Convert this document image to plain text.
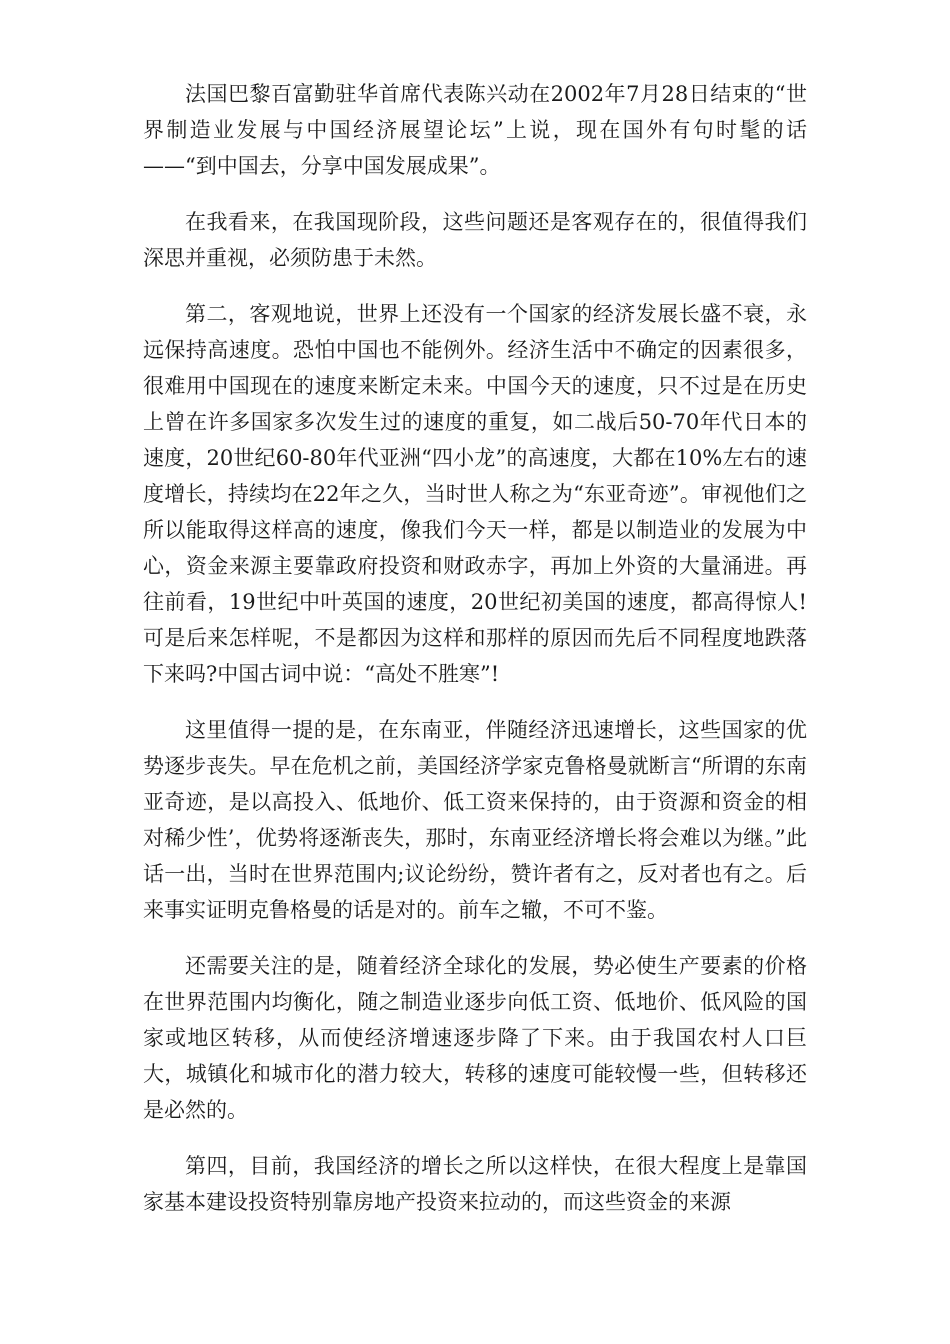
法国巴黎百富勤驻华首席代表陈兴动在2002年7月28日结束的“世界制造业发展与中国经济展望论坛”上说，现在国外有句时髦的话——“到中国去，分享中国发展成果”。

在我看来，在我国现阶段，这些问题还是客观存在的，很值得我们深思并重视，必须防患于未然。

第二，客观地说，世界上还没有一个国家的经济发展长盛不衰，永远保持高速度。恐怕中国也不能例外。经济生活中不确定的因素很多，很难用中国现在的速度来断定未来。中国今天的速度，只不过是在历史上曾在许多国家多次发生过的速度的重复，如二战后50-70年代日本的速度，20世纪60-80年代亚洲“四小龙”的高速度，大都在10%左右的速度增长，持续均在22年之久，当时世人称之为“东亚奇迹”。审视他们之所以能取得这样高的速度，像我们今天一样，都是以制造业的发展为中心，资金来源主要靠政府投资和财政赤字，再加上外资的大量涌进。再往前看，19世纪中叶英国的速度，20世纪初美国的速度，都高得惊人!可是后来怎样呢，不是都因为这样和那样的原因而先后不同程度地跌落下来吗?中国古词中说：“高处不胜寒”!

这里值得一提的是，在东南亚，伴随经济迅速增长，这些国家的优势逐步丧失。早在危机之前，美国经济学家克鲁格曼就断言“所谓的东南亚奇迹，是以高投入、低地价、低工资来保持的，由于资源和资金的相对稀少性’，优势将逐渐丧失，那时，东南亚经济增长将会难以为继。”此话一出，当时在世界范围内;议论纷纷，赞许者有之，反对者也有之。后来事实证明克鲁格曼的话是对的。前车之辙，不可不鉴。

还需要关注的是，随着经济全球化的发展，势必使生产要素的价格在世界范围内均衡化，随之制造业逐步向低工资、低地价、低风险的国家或地区转移，从而使经济增速逐步降了下来。由于我国农村人口巨大，城镇化和城市化的潜力较大，转移的速度可能较慢一些，但转移还是必然的。

第四，目前，我国经济的增长之所以这样快，在很大程度上是靠国家基本建设投资特别靠房地产投资来拉动的，而这些资金的来源
